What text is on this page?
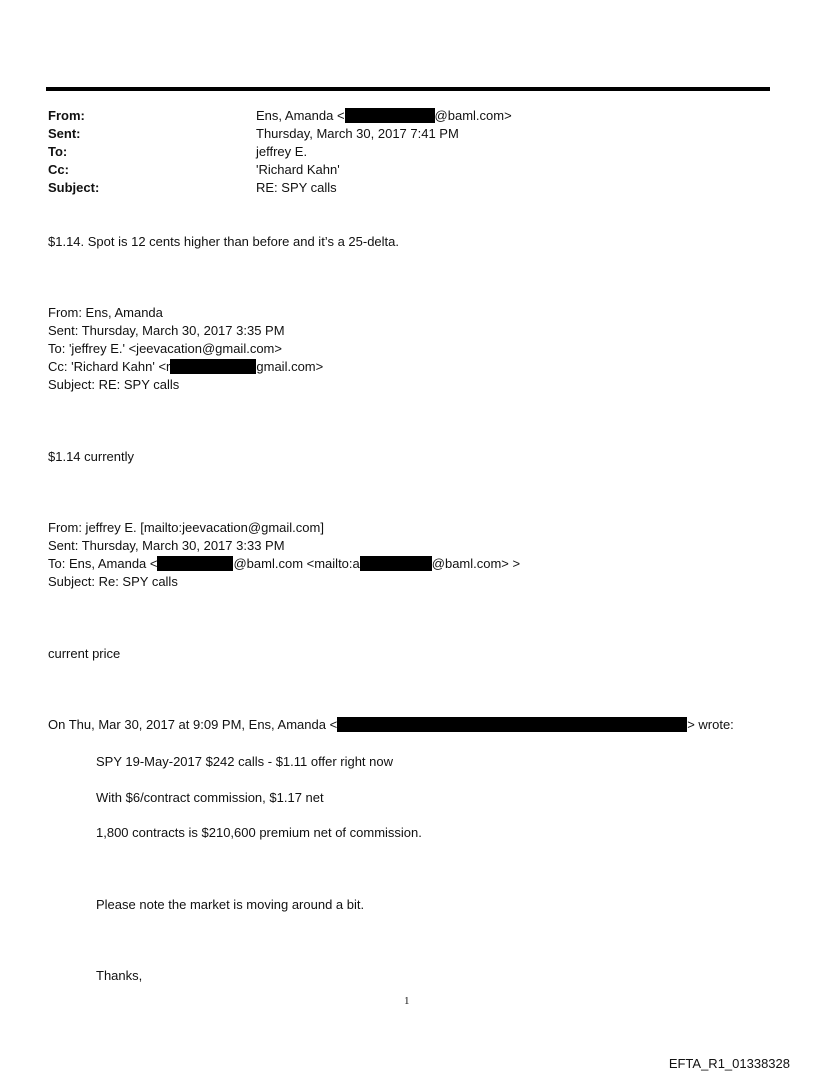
From:	Ens, Amanda <	@baml.com>
Sent:	Thursday, March 30, 2017 7:41 PM
To:	jeffrey E.
Cc:	'Richard Kahn'
Subject:	RE: SPY calls
$1.14. Spot is 12 cents higher than before and it’s a 25-delta.
From: Ens, Amanda
Sent: Thursday, March 30, 2017 3:35 PM
To: 'jeffrey E.' <jeevacation@gmail.com>
Cc: 'Richard Kahn' <r	gmail.com>
Subject: RE: SPY calls
$1.14 currently
From: jeffrey E. [mailto:jeevacation@gmail.com]
Sent: Thursday, March 30, 2017 3:33 PM
To: Ens, Amanda <	@baml.com <mailto:a	@baml.com> >
Subject: Re: SPY calls
current price
On Thu, Mar 30, 2017 at 9:09 PM, Ens, Amanda <	> wrote:
SPY 19-May-2017 $242 calls - $1.11 offer right now
With $6/contract commission, $1.17 net
1,800 contracts is $210,600 premium net of commission.
Please note the market is moving around a bit.
Thanks,
1
EFTA_R1_01338328
